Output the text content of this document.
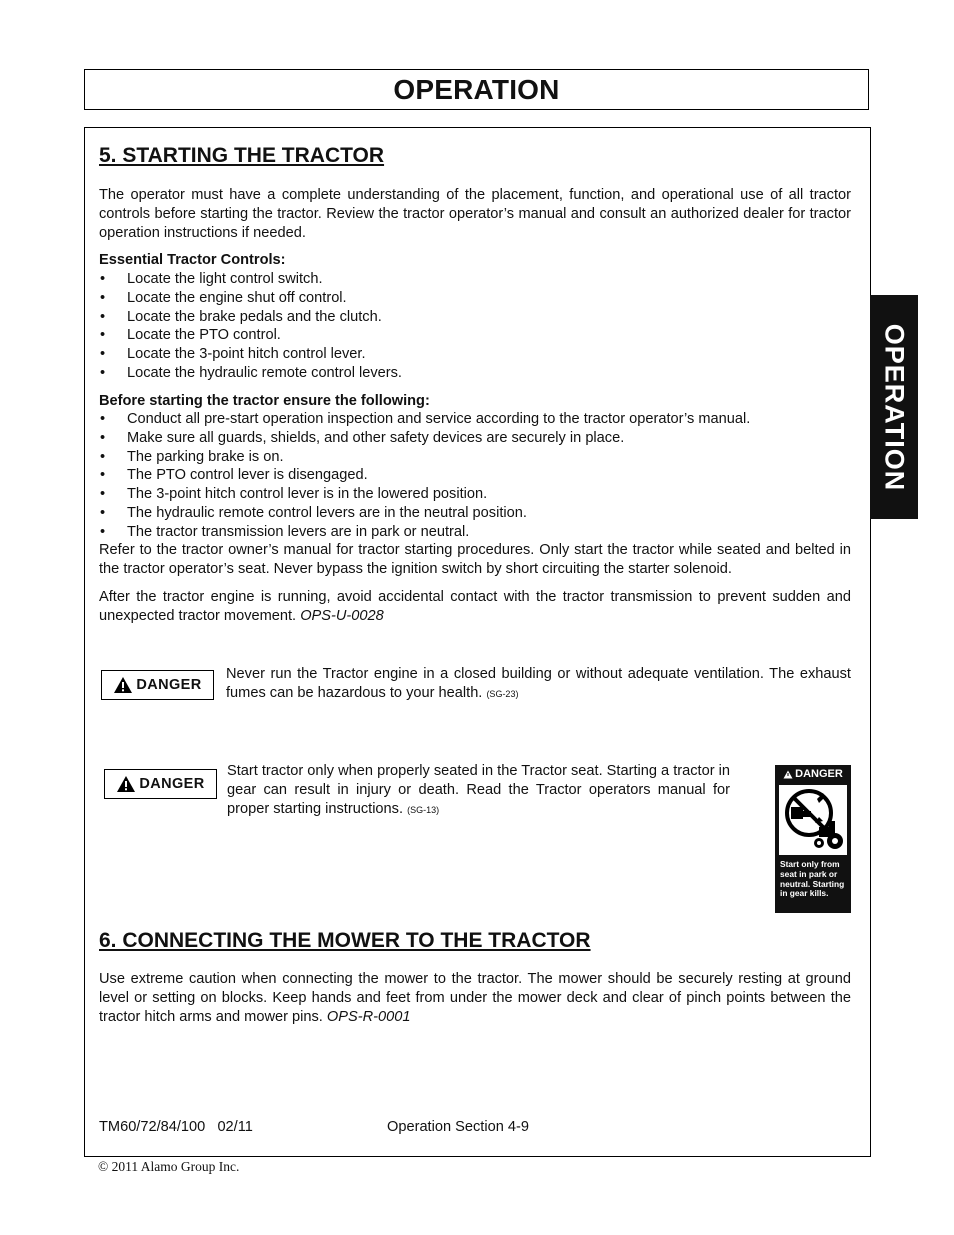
OPERATION
OPERATION
5. STARTING THE TRACTOR

The operator must have a complete understanding of the placement, function, and operational use of all tractor controls before starting the tractor. Review the tractor operator’s manual and consult an authorized dealer for tractor operation instructions if needed.

Essential Tractor Controls:

• Locate the light control switch.
• Locate the engine shut off control.
• Locate the brake pedals and the clutch.
• Locate the PTO control.
• Locate the 3-point hitch control lever.
• Locate the hydraulic remote control levers.

Before starting the tractor ensure the following:

• Conduct all pre-start operation inspection and service according to the tractor operator’s manual.
• Make sure all guards, shields, and other safety devices are securely in place.
• The parking brake is on.
• The PTO control lever is disengaged.
• The 3-point hitch control lever is in the lowered position.
• The hydraulic remote control levers are in the neutral position.
• The tractor transmission levers are in park or neutral.

Refer to the tractor owner’s manual for tractor starting procedures. Only start the tractor while seated and belted in the tractor operator’s seat. Never bypass the ignition switch by short circuiting the starter solenoid.

After the tractor engine is running, avoid accidental contact with the tractor transmission to prevent sudden and unexpected tractor movement. OPS-U-0028

DANGER

Never run the Tractor engine in a closed building or without adequate ventilation. The exhaust fumes can be hazardous to your health. (SG-23)

DANGER

Start tractor only when properly seated in the Tractor seat. Starting a tractor in gear can result in injury or death. Read the Tractor operators manual for proper starting instructions. (SG-13)

DANGER
Start only from seat in park or neutral. Starting in gear kills.
6. CONNECTING THE MOWER TO THE TRACTOR

Use extreme caution when connecting the mower to the tractor. The mower should be securely resting at ground level or setting on blocks. Keep hands and feet from under the mower deck and clear of pinch points between the tractor hitch arms and mower pins. OPS-R-0001

TM60/72/84/100   02/11	Operation Section 4-9
© 2011 Alamo Group Inc.
